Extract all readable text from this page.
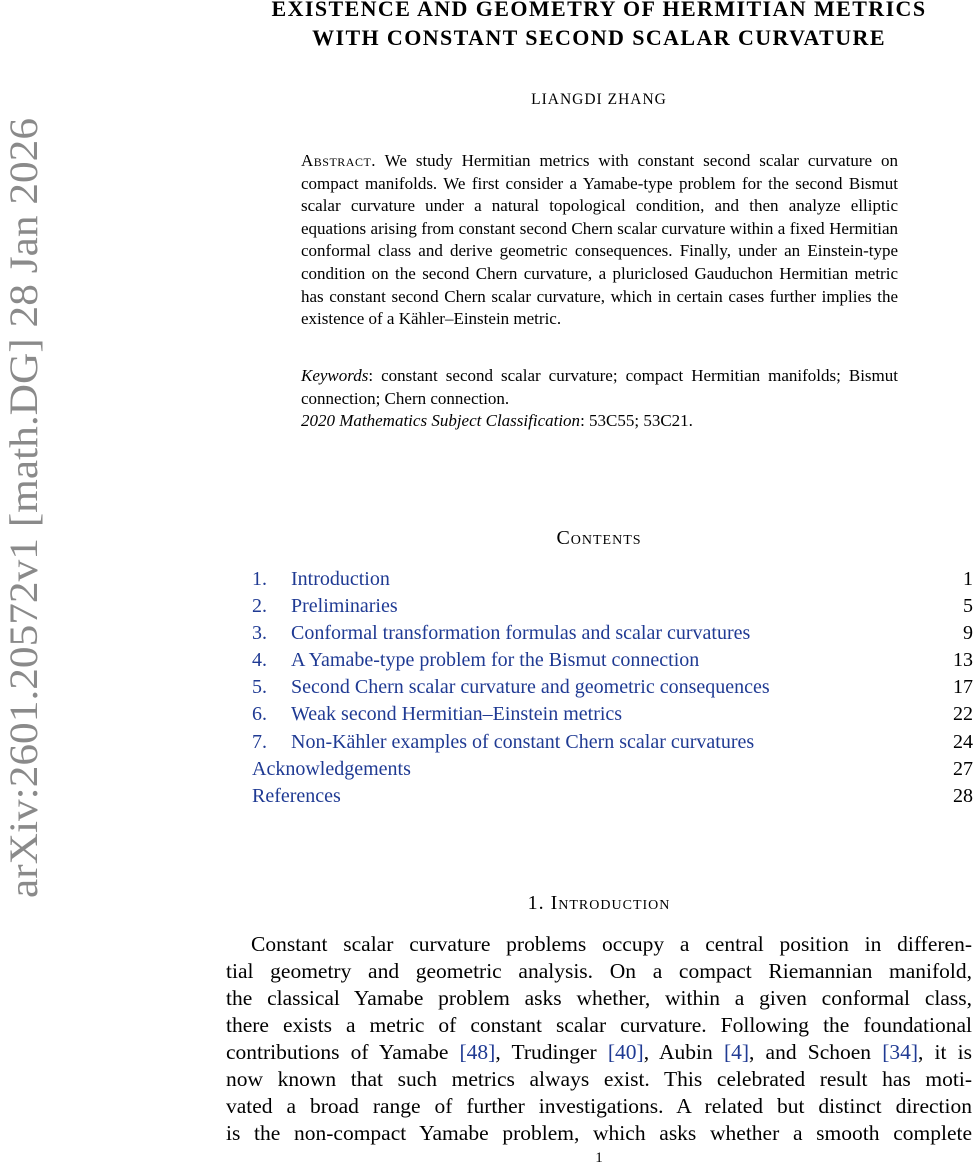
arXiv:2601.20572v1 [math.DG] 28 Jan 2026
EXISTENCE AND GEOMETRY OF HERMITIAN METRICS
WITH CONSTANT SECOND SCALAR CURVATURE
LIANGDI ZHANG
Abstract. We study Hermitian metrics with constant second scalar curvature on compact manifolds. We first consider a Yamabe-type problem for the second Bismut scalar curvature under a natural topological condition, and then analyze elliptic equations arising from constant second Chern scalar curvature within a fixed Hermitian conformal class and derive geometric consequences. Finally, under an Einstein-type condition on the second Chern curvature, a pluriclosed Gauduchon Hermitian metric has constant second Chern scalar curvature, which in certain cases further implies the existence of a Kähler–Einstein metric.
Keywords: constant second scalar curvature; compact Hermitian manifolds; Bismut connection; Chern connection.
2020 Mathematics Subject Classification: 53C55; 53C21.
Contents
1. Introduction	1
2. Preliminaries	5
3. Conformal transformation formulas and scalar curvatures	9
4. A Yamabe-type problem for the Bismut connection	13
5. Second Chern scalar curvature and geometric consequences	17
6. Weak second Hermitian–Einstein metrics	22
7. Non-Kähler examples of constant Chern scalar curvatures	24
Acknowledgements	27
References	28
1. Introduction
Constant scalar curvature problems occupy a central position in differen-
tial geometry and geometric analysis. On a compact Riemannian manifold,
the classical Yamabe problem asks whether, within a given conformal class,
there exists a metric of constant scalar curvature. Following the foundational
contributions of Yamabe [48], Trudinger [40], Aubin [4], and Schoen [34], it is
now known that such metrics always exist. This celebrated result has moti-
vated a broad range of further investigations. A related but distinct direction
is the non-compact Yamabe problem, which asks whether a smooth complete
1
